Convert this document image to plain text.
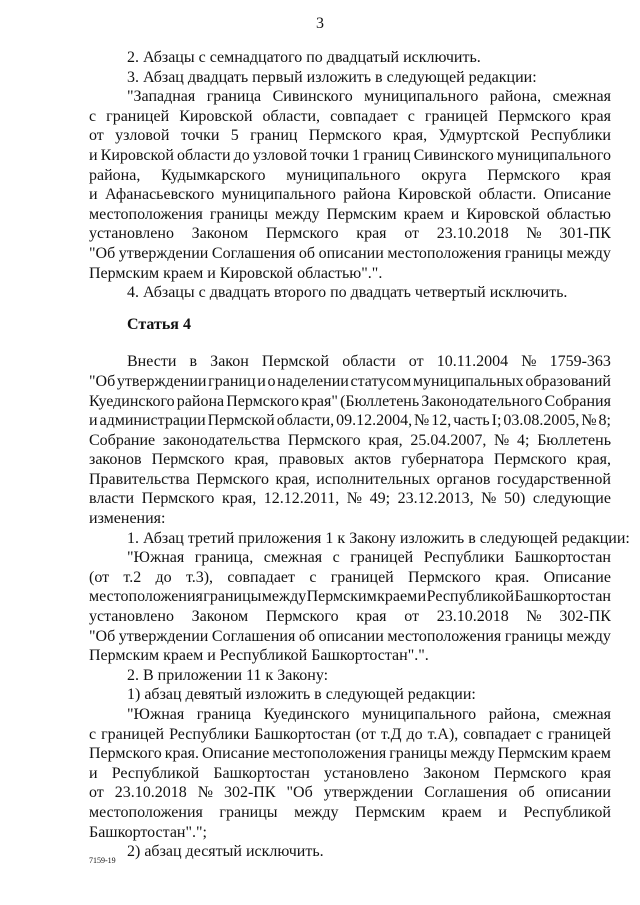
3
2. Абзацы с семнадцатого по двадцатый исключить.
3. Абзац двадцать первый изложить в следующей редакции:
"Западная граница Сивинского муниципального района, смежная
с границей Кировской области, совпадает с границей Пермского края
от узловой точки 5 границ Пермского края, Удмуртской Республики
и Кировской области до узловой точки 1 границ Сивинского муниципального
района, Кудымкарского муниципального округа Пермского края
и Афанасьевского муниципального района Кировской области. Описание
местоположения границы между Пермским краем и Кировской областью
установлено Законом Пермского края от 23.10.2018 № 301-ПК
"Об утверждении Соглашения об описании местоположения границы между
Пермским краем и Кировской областью".".
4. Абзацы с двадцать второго по двадцать четвертый исключить.
Статья 4
Внести в Закон Пермской области от 10.11.2004 № 1759-363
"Об утверждении границ и о наделении статусом муниципальных образований
Куединского района Пермского края" (Бюллетень Законодательного Собрания
и администрации Пермской области, 09.12.2004, № 12, часть I; 03.08.2005, № 8;
Собрание законодательства Пермского края, 25.04.2007, № 4; Бюллетень
законов Пермского края, правовых актов губернатора Пермского края,
Правительства Пермского края, исполнительных органов государственной
власти Пермского края, 12.12.2011, № 49; 23.12.2013, № 50) следующие
изменения:
1. Абзац третий приложения 1 к Закону изложить в следующей редакции:
"Южная граница, смежная с границей Республики Башкортостан
(от т.2 до т.3), совпадает с границей Пермского края. Описание
местоположения границы между Пермским краем и Республикой Башкортостан
установлено Законом Пермского края от 23.10.2018 № 302-ПК
"Об утверждении Соглашения об описании местоположения границы между
Пермским краем и Республикой Башкортостан".".
2. В приложении 11 к Закону:
1) абзац девятый изложить в следующей редакции:
"Южная граница Куединского муниципального района, смежная
с границей Республики Башкортостан (от т.Д до т.А), совпадает с границей
Пермского края. Описание местоположения границы между Пермским краем
и Республикой Башкортостан установлено Законом Пермского края
от 23.10.2018 № 302-ПК "Об утверждении Соглашения об описании
местоположения границы между Пермским краем и Республикой
Башкортостан".";
2) абзац десятый исключить.
7159-19
